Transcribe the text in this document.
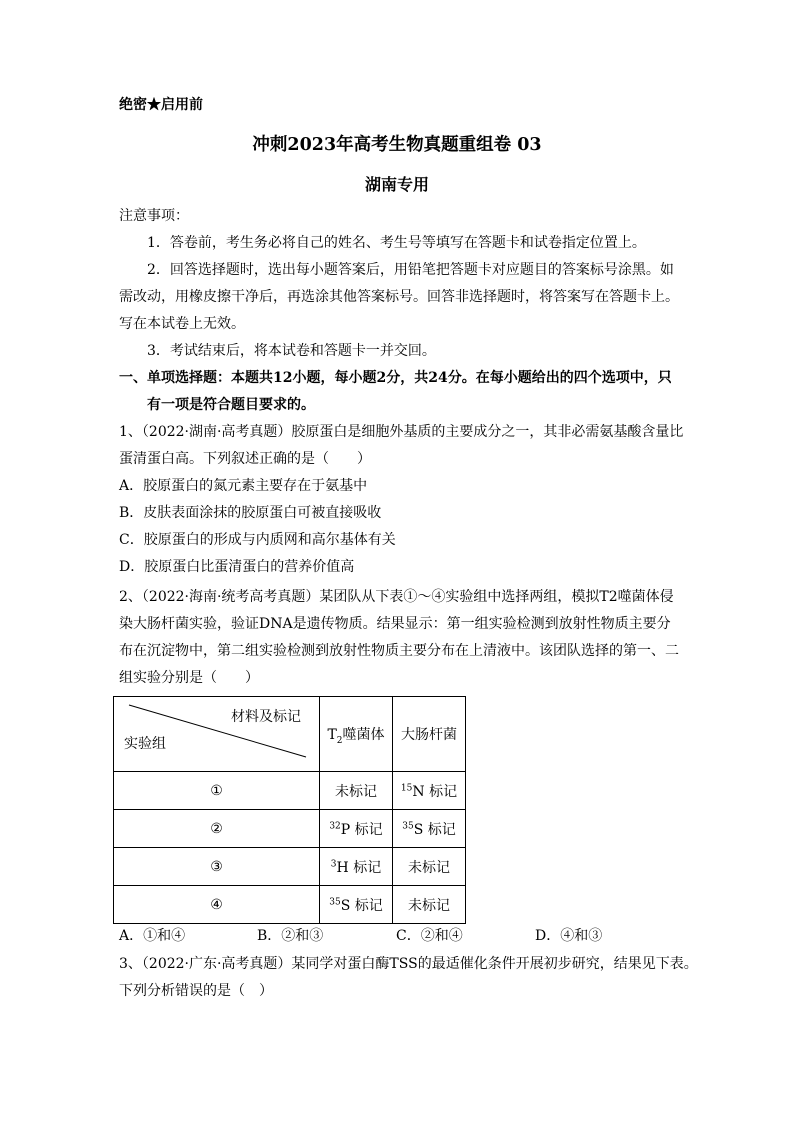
绝密★启用前
冲刺2023年高考生物真题重组卷 03
湖南专用
注意事项：
1．答卷前，考生务必将自己的姓名、考生号等填写在答题卡和试卷指定位置上。
2．回答选择题时，选出每小题答案后，用铅笔把答题卡对应题目的答案标号涂黑。如
需改动，用橡皮擦干净后，再选涂其他答案标号。回答非选择题时，将答案写在答题卡上。
写在本试卷上无效。
3．考试结束后，将本试卷和答题卡一并交回。
一、单项选择题：本题共12小题，每小题2分，共24分。在每小题给出的四个选项中，只
有一项是符合题目要求的。
1、（2022·湖南·高考真题）胶原蛋白是细胞外基质的主要成分之一，其非必需氨基酸含量比
蛋清蛋白高。下列叙述正确的是（　　）
A．胶原蛋白的氮元素主要存在于氨基中
B．皮肤表面涂抹的胶原蛋白可被直接吸收
C．胶原蛋白的形成与内质网和高尔基体有关
D．胶原蛋白比蛋清蛋白的营养价值高
2、（2022·海南·统考高考真题）某团队从下表①～④实验组中选择两组，模拟T2噬菌体侵
染大肠杆菌实验，验证DNA是遗传物质。结果显示：第一组实验检测到放射性物质主要分
布在沉淀物中，第二组实验检测到放射性物质主要分布在上清液中。该团队选择的第一、二
组实验分别是（　　）
材料及标记
实验组	$T_2$噬菌体	大肠杆菌
①	未标记	$^{15}$N 标记
②	$^{32}$P 标记	$^{35}$S 标记
③	$^3$H 标记	未标记
④	$^{35}$S 标记	未标记
A．①和④	B．②和③	C．②和④	D．④和③
3、（2022·广东·高考真题）某同学对蛋白酶TSS的最适催化条件开展初步研究，结果见下表。
下列分析错误的是（　）
